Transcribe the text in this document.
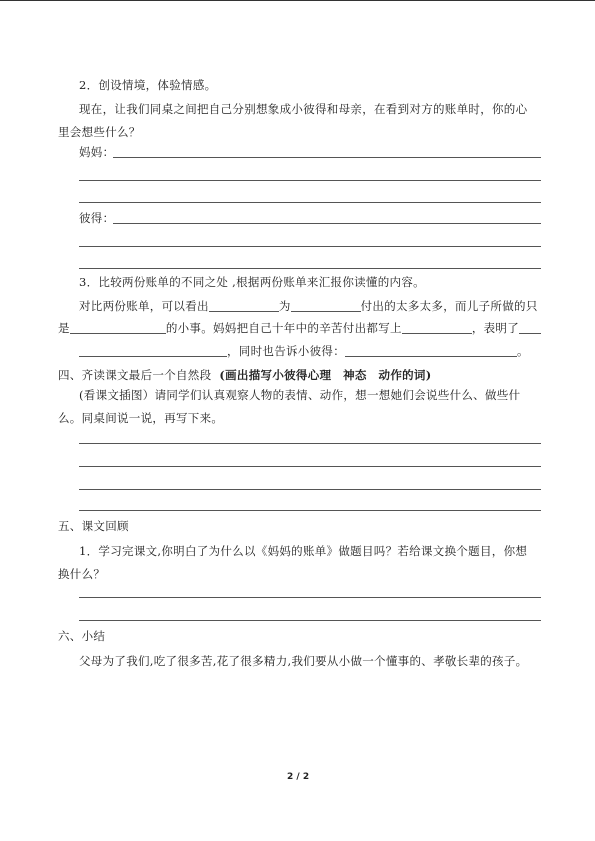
2．创设情境，体验情感。
现在，让我们同桌之间把自己分别想象成小彼得和母亲，在看到对方的账单时，你的心
里会想些什么？
妈妈：
彼得：
3．比较两份账单的不同之处 ,根据两份账单来汇报你读懂的内容。
对比两份账单，可以看出	为	付出的太多太多，而儿子所做的只
是	的小事。妈妈把自己十年中的辛苦付出都写上	，表明了
，同时也告诉小彼得：	。
四、齐读课文最后一个自然段 (画出描写小彼得心理　神态　动作的词)
(看课文插图）请同学们认真观察人物的表情、动作，想一想她们会说些什么、做些什
么。同桌间说一说，再写下来。
五、课文回顾
1．学习完课文,你明白了为什么以《妈妈的账单》做题目吗？若给课文换个题目，你想
换什么？
六、小结
父母为了我们,吃了很多苦,花了很多精力,我们要从小做一个懂事的、孝敬长辈的孩子。
2 / 2
